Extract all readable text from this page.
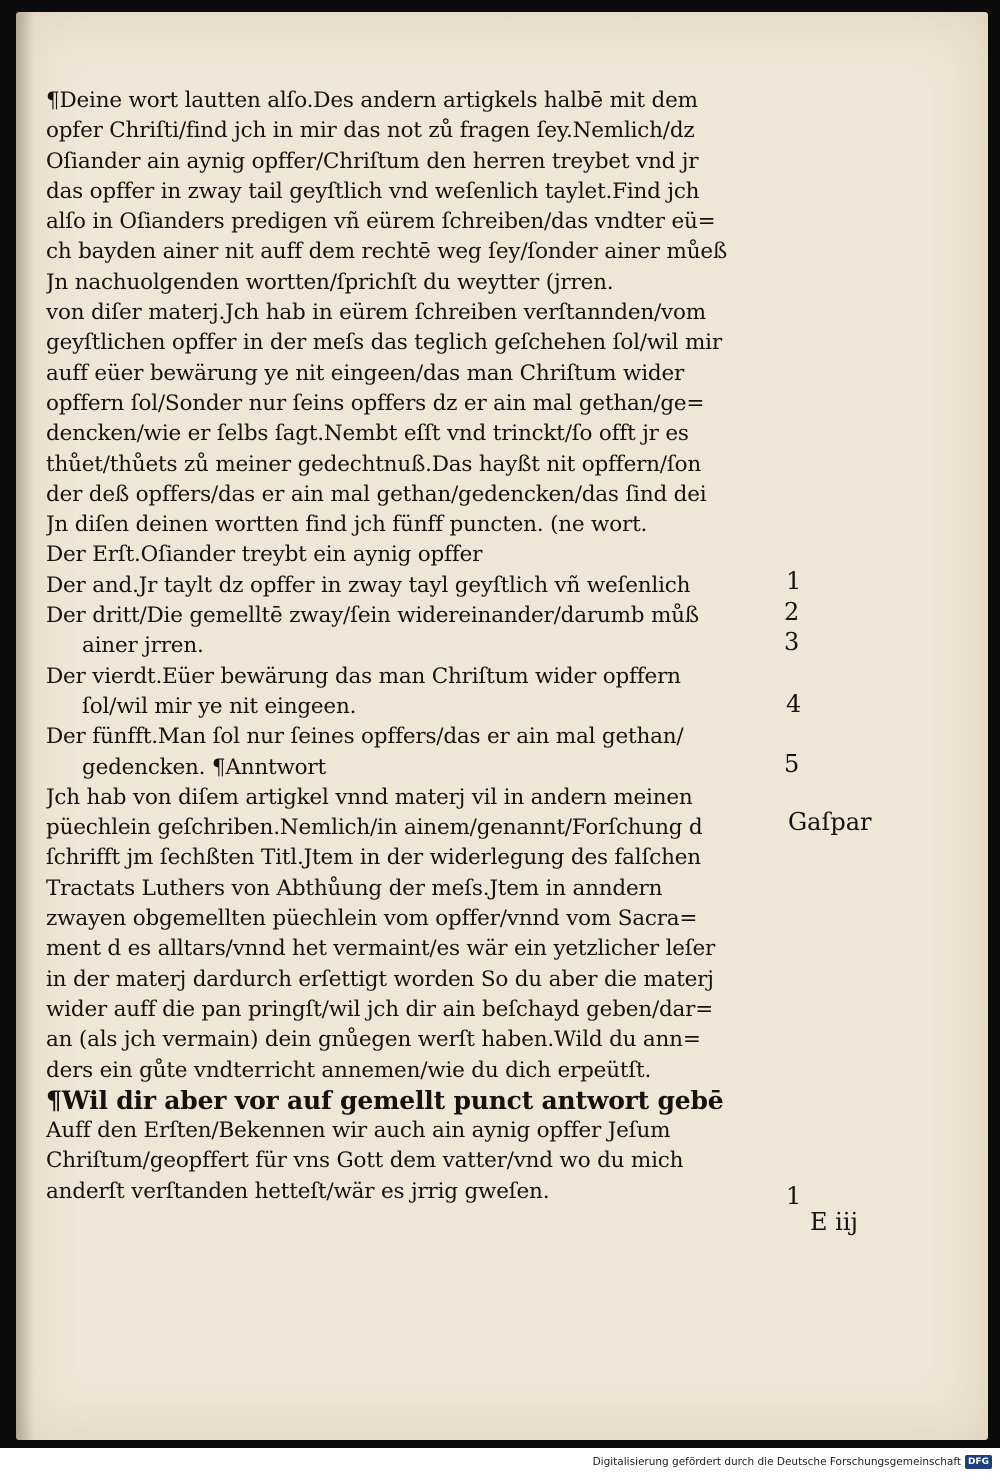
¶Deine wort lautten alſo.Des andern artigkels halbē mit dem
opfer Chriſti/find jch in mir das not zů fragen ſey.Nemlich/dz
Oſiander ain aynig opffer/Chriſtum den herren treybet vnd jr
das opffer in zway tail geyſtlich vnd weſenlich taylet.Find jch
alſo in Oſianders predigen vñ eürem ſchreiben/das vndter eü=
ch bayden ainer nit auff dem rechtē weg ſey/ſonder ainer můeß
Jn nachuolgenden wortten/ſprichſt du weytter (jrren.
von diſer materj.Jch hab in eürem ſchreiben verſtannden/vom
geyſtlichen opffer in der meſs das teglich geſchehen ſol/wil mir
auff eüer bewärung ye nit eingeen/das man Chriſtum wider
opffern ſol/Sonder nur ſeins opffers dz er ain mal gethan/ge=
dencken/wie er ſelbs ſagt.Nembt eſſt vnd trinckt/ſo offt jr es
thůet/thůets zů meiner gedechtnuß.Das hayßt nit opffern/ſon
der deß opffers/das er ain mal gethan/gedencken/das ſind dei
Jn diſen deinen wortten find jch fünff puncten. (ne wort.
Der Erſt.Oſiander treybt ein aynig opffer
Der and.Jr taylt dz opffer in zway tayl geyſtlich vñ weſenlich
Der dritt/Die gemelltē zway/ſein widereinander/darumb můß
ainer jrren.
Der vierdt.Eüer bewärung das man Chriſtum wider opffern
ſol/wil mir ye nit eingeen.
Der fünfft.Man ſol nur ſeines opffers/das er ain mal gethan/
gedencken. ¶Anntwort
Jch hab von diſem artigkel vnnd materj vil in andern meinen
püechlein geſchriben.Nemlich/in ainem/genannt/Forſchung d
ſchrifft jm ſechßten Titl.Jtem in der widerlegung des falſchen
Tractats Luthers von Abthůung der meſs.Jtem in anndern
zwayen obgemellten püechlein vom opffer/vnnd vom Sacra=
ment d es alltars/vnnd het vermaint/es wär ein yetzlicher leſer
in der materj dardurch erſettigt worden So du aber die materj
wider auff die pan pringſt/wil jch dir ain beſchayd geben/dar=
an (als jch vermain) dein gnůegen werſt haben.Wild du ann=
ders ein gůte vndterricht annemen/wie du dich erpeütſt.
¶Wil dir aber vor auf gemellt punct antwort gebē
Auff den Erſten/Bekennen wir auch ain aynig opffer Jeſum
Chriſtum/geopffert für vns Gott dem vatter/vnd wo du mich
anderſt verſtanden hetteſt/wär es jrrig gweſen.
1
2
3
4
5
Gaſpar
1
E iij
Digitalisierung gefördert durch die Deutsche Forschungsgemeinschaft DFG
